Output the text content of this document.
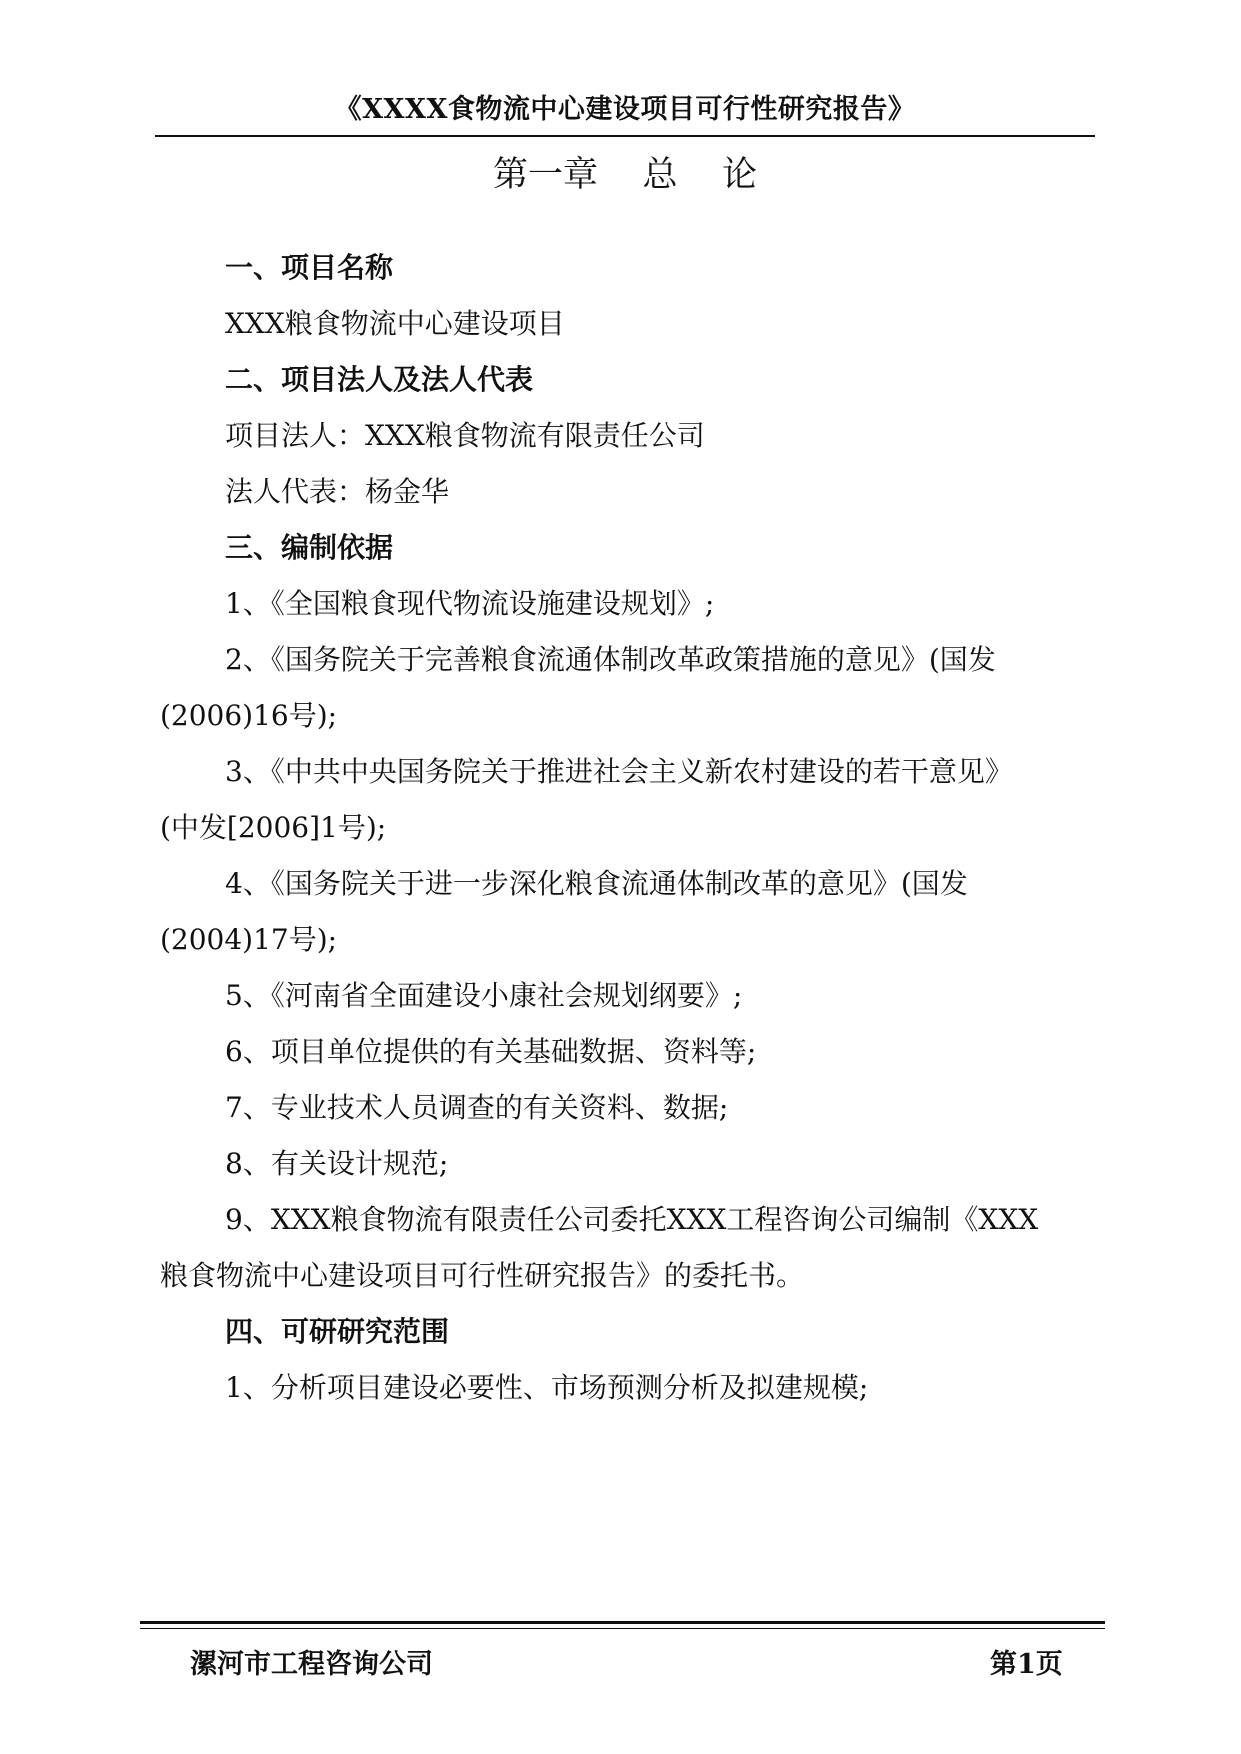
《XXXX食物流中心建设项目可行性研究报告》
第一章    总    论
一、项目名称
XXX粮食物流中心建设项目
二、项目法人及法人代表
项目法人：XXX粮食物流有限责任公司
法人代表：杨金华
三、编制依据
1、《全国粮食现代物流设施建设规划》;
2、《国务院关于完善粮食流通体制改革政策措施的意见》(国发
(2006)16号);
3、《中共中央国务院关于推进社会主义新农村建设的若干意见》
(中发[2006]1号);
4、《国务院关于进一步深化粮食流通体制改革的意见》(国发
(2004)17号);
5、《河南省全面建设小康社会规划纲要》;
6、项目单位提供的有关基础数据、资料等;
7、专业技术人员调查的有关资料、数据;
8、有关设计规范;
9、XXX粮食物流有限责任公司委托XXX工程咨询公司编制《XXX
粮食物流中心建设项目可行性研究报告》的委托书。
四、可研研究范围
1、分析项目建设必要性、市场预测分析及拟建规模;
漯河市工程咨询公司	第1页
